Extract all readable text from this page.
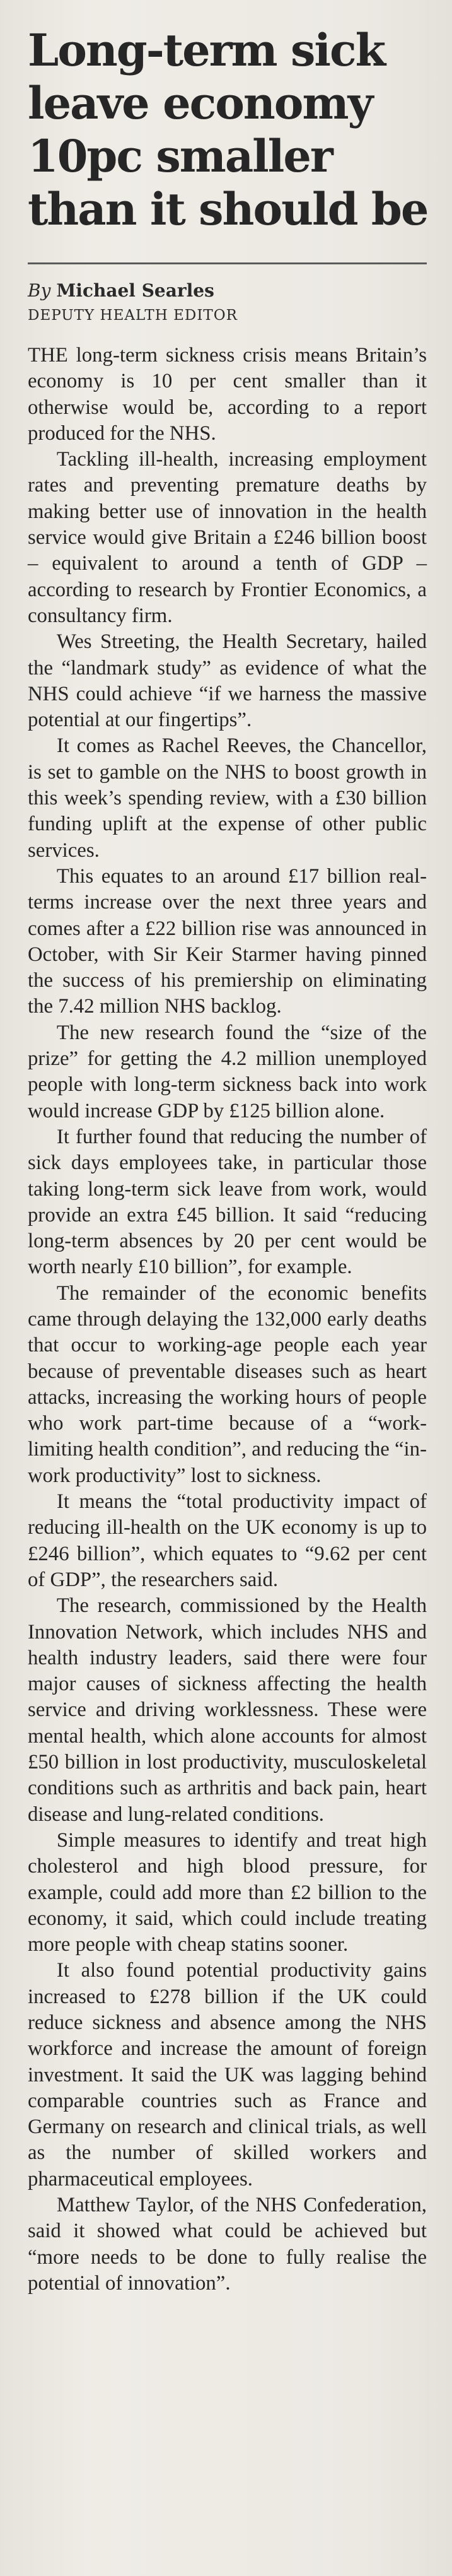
Long-term sick
leave economy
10pc smaller
than it should be
By Michael Searles
DEPUTY HEALTH EDITOR

THE long-term sickness crisis means Britain’s economy is 10 per cent smaller than it otherwise would be, according to a report produced for the NHS.

Tackling ill-health, increasing employment rates and preventing premature deaths by making better use of innovation in the health service would give Britain a £246 billion boost – equivalent to around a tenth of GDP – according to research by Frontier Economics, a consultancy firm.

Wes Streeting, the Health Secretary, hailed the “landmark study” as evidence of what the NHS could achieve “if we harness the massive potential at our fingertips”.

It comes as Rachel Reeves, the Chancellor, is set to gamble on the NHS to boost growth in this week’s spending review, with a £30 billion funding uplift at the expense of other public services.

This equates to an around £17 billion real-terms increase over the next three years and comes after a £22 billion rise was announced in October, with Sir Keir Starmer having pinned the success of his premiership on eliminating the 7.42 million NHS backlog.

The new research found the “size of the prize” for getting the 4.2 million unemployed people with long-term sickness back into work would increase GDP by £125 billion alone.

It further found that reducing the number of sick days employees take, in particular those taking long-term sick leave from work, would provide an extra £45 billion. It said “reducing long-term absences by 20 per cent would be worth nearly £10 billion”, for example.

The remainder of the economic benefits came through delaying the 132,000 early deaths that occur to working-age people each year because of preventable diseases such as heart attacks, increasing the working hours of people who work part-time because of a “work-limiting health condition”, and reducing the “in-work productivity” lost to sickness.

It means the “total productivity impact of reducing ill-health on the UK economy is up to £246 billion”, which equates to “9.62 per cent of GDP”, the researchers said.

The research, commissioned by the Health Innovation Network, which includes NHS and health industry leaders, said there were four major causes of sickness affecting the health service and driving worklessness. These were mental health, which alone accounts for almost £50 billion in lost productivity, musculoskeletal conditions such as arthritis and back pain, heart disease and lung-related conditions.

Simple measures to identify and treat high cholesterol and high blood pressure, for example, could add more than £2 billion to the economy, it said, which could include treating more people with cheap statins sooner.

It also found potential productivity gains increased to £278 billion if the UK could reduce sickness and absence among the NHS workforce and increase the amount of foreign investment. It said the UK was lagging behind comparable countries such as France and Germany on research and clinical trials, as well as the number of skilled workers and pharmaceutical employees.

Matthew Taylor, of the NHS Confederation, said it showed what could be achieved but “more needs to be done to fully realise the potential of innovation”.
